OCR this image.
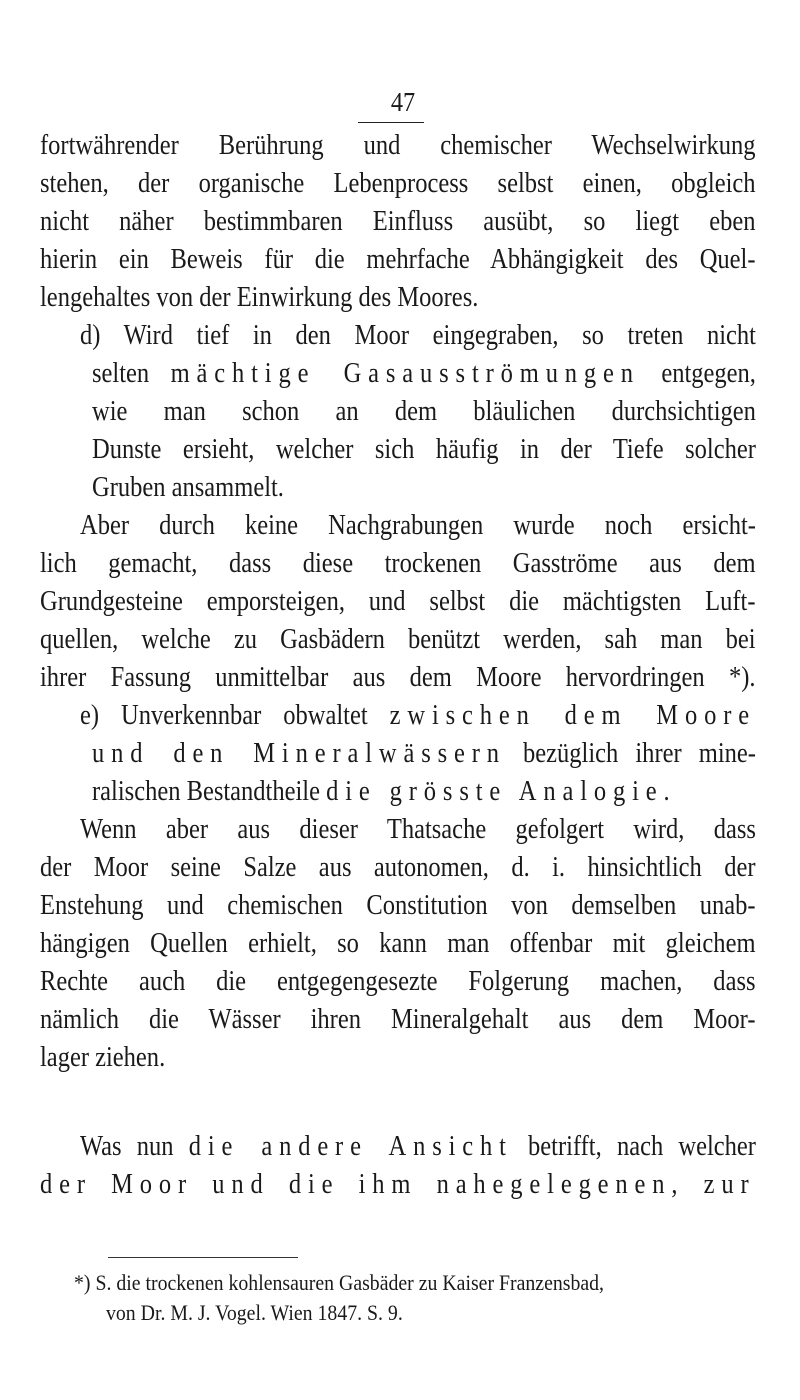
47
fortwährender Berührung und chemischer Wechselwirkung
stehen, der organische Lebenprocess selbst einen, obgleich
nicht näher bestimmbaren Einfluss ausübt, so liegt eben
hierin ein Beweis für die mehrfache Abhängigkeit des Quel-
lengehaltes von der Einwirkung des Moores.
d) Wird tief in den Moor eingegraben, so treten nicht
selten mächtige Gasausströmungen entgegen,
wie man schon an dem bläulichen durchsichtigen
Dunste ersieht, welcher sich häufig in der Tiefe solcher
Gruben ansammelt.
Aber durch keine Nachgrabungen wurde noch ersicht-
lich gemacht, dass diese trockenen Gasströme aus dem
Grundgesteine emporsteigen, und selbst die mächtigsten Luft-
quellen, welche zu Gasbädern benützt werden, sah man bei
ihrer Fassung unmittelbar aus dem Moore hervordringen *).
e) Unverkennbar obwaltet zwischen dem Moore
und den Mineralwässern bezüglich ihrer mine-
ralischen Bestandtheile die grösste Analogie.
Wenn aber aus dieser Thatsache gefolgert wird, dass
der Moor seine Salze aus autonomen, d. i. hinsichtlich der
Enstehung und chemischen Constitution von demselben unab-
hängigen Quellen erhielt, so kann man offenbar mit gleichem
Rechte auch die entgegengesezte Folgerung machen, dass
nämlich die Wässer ihren Mineralgehalt aus dem Moor-
lager ziehen.
Was nun die andere Ansicht betrifft, nach welcher
der Moor und die ihm nahegelegenen, zur
*) S. die trockenen kohlensauren Gasbäder zu Kaiser Franzensbad,
von Dr. M. J. Vogel. Wien 1847. S. 9.
